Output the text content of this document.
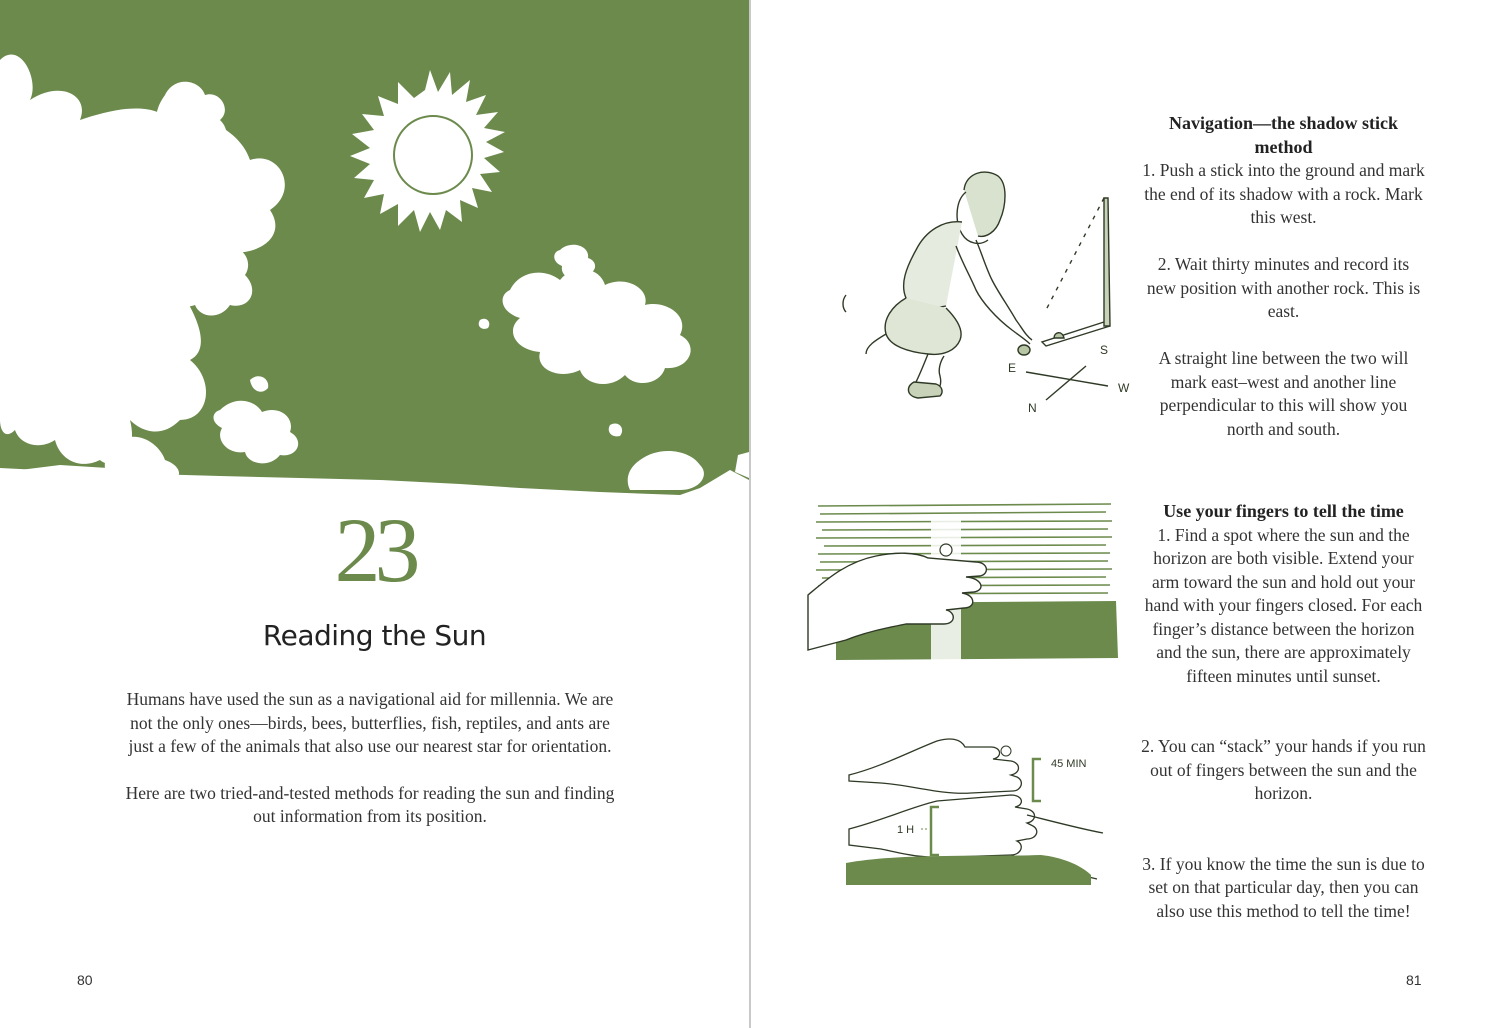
23
Reading the Sun

Humans have used the sun as a navigational aid for millennia. We are not the only ones—birds, bees, butterflies, fish, reptiles, and ants are just a few of the animals that also use our nearest star for orientation.

Here are two tried-and-tested methods for reading the sun and finding out information from its position.

80
E
S
W
N
Navigation—the shadow stick method

1. Push a stick into the ground and mark the end of its shadow with a rock. Mark this west.

2. Wait thirty minutes and record its new position with another rock. This is east.

A straight line between the two will mark east–west and another line perpendicular to this will show you north and south.

Use your fingers to tell the time

1. Find a spot where the sun and the horizon are both visible. Extend your arm toward the sun and hold out your hand with your fingers closed. For each finger’s distance between the horizon and the sun, there are approximately fifteen minutes until sunset.

45 MIN
1 H

2. You can “stack” your hands if you run out of fingers between the sun and the horizon.

3. If you know the time the sun is due to set on that particular day, then you can also use this method to tell the time!

81
